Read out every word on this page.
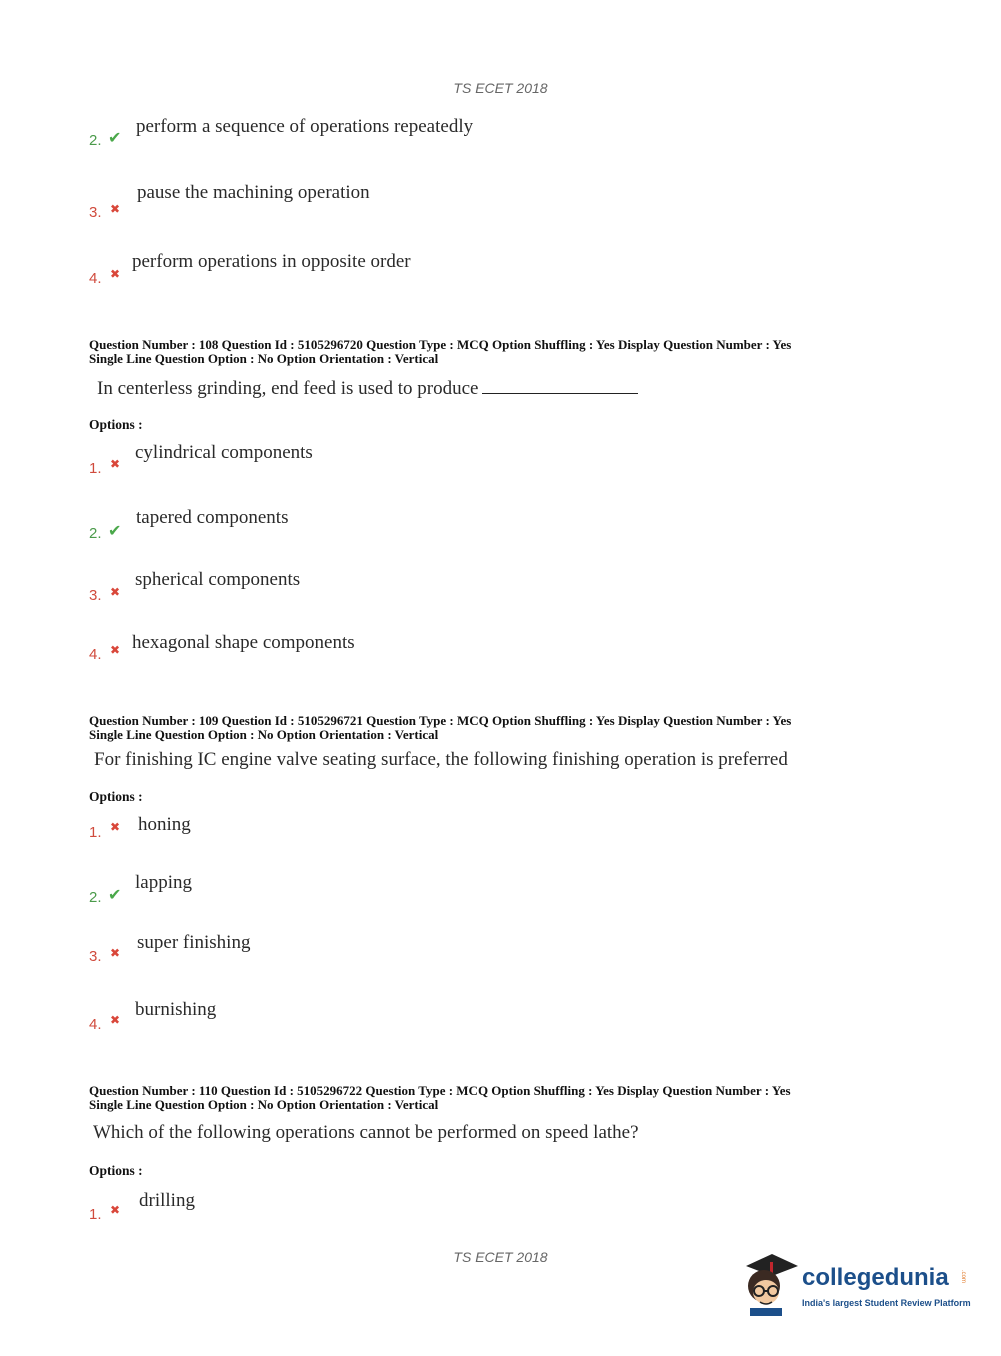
TS ECET 2018
2. ✔
perform a sequence of operations repeatedly
3. ✖
pause the machining operation
4. ✖
perform operations in opposite order
Question Number : 108 Question Id : 5105296720 Question Type : MCQ Option Shuffling : Yes Display Question Number : Yes
Single Line Question Option : No Option Orientation : Vertical
In centerless grinding, end feed is used to produce
Options :
1. ✖
cylindrical components
2. ✔
tapered components
3. ✖
spherical components
4. ✖ hexagonal shape components
Question Number : 109 Question Id : 5105296721 Question Type : MCQ Option Shuffling : Yes Display Question Number : Yes
Single Line Question Option : No Option Orientation : Vertical
For finishing IC engine valve seating surface, the following finishing operation is preferred
Options :
1. ✖ honing
2. ✔
lapping
3. ✖ super finishing
4. ✖ burnishing
Question Number : 110 Question Id : 5105296722 Question Type : MCQ Option Shuffling : Yes Display Question Number : Yes
Single Line Question Option : No Option Orientation : Vertical
Which of the following operations cannot be performed on speed lathe?
Options :
1. ✖ drilling
TS ECET 2018
collegedunia .com
India's largest Student Review Platform
